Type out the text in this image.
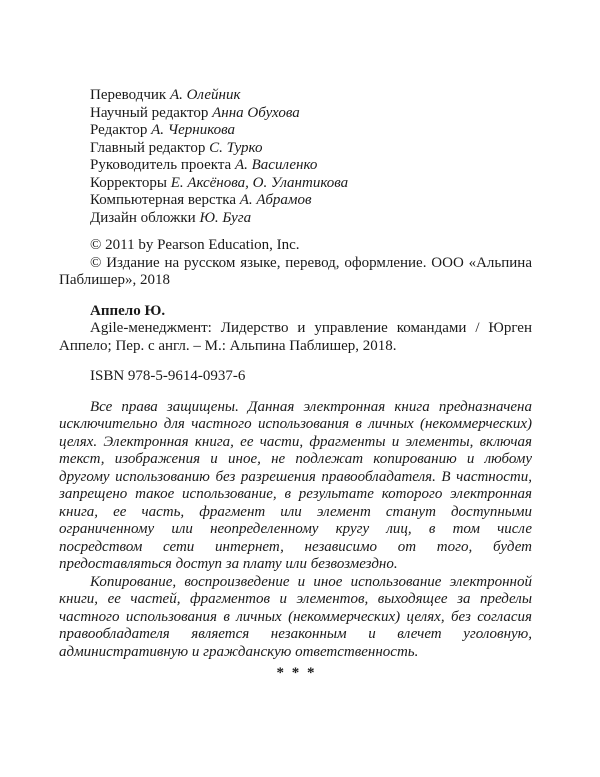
Переводчик А. Олейник
Научный редактор Анна Обухова
Редактор А. Черникова
Главный редактор С. Турко
Руководитель проекта А. Василенко
Корректоры Е. Аксёнова, О. Улантикова
Компьютерная верстка А. Абрамов
Дизайн обложки Ю. Буга
© 2011 by Pearson Education, Inc.
© Издание на русском языке, перевод, оформление. ООО «Альпина
Паблишер», 2018
Аппело Ю.
Agile-менеджмент: Лидерство и управление командами / Юрген
Аппело; Пер. с англ. – М.: Альпина Паблишер, 2018.
ISBN 978-5-9614-0937-6
Все права защищены. Данная электронная книга предназначена
исключительно для частного использования в личных (некоммерческих)
целях. Электронная книга, ее части, фрагменты и элементы, включая
текст, изображения и иное, не подлежат копированию и любому
другому использованию без разрешения правообладателя. В частности,
запрещено такое использование, в результате которого электронная
книга, ее часть, фрагмент или элемент станут доступными
ограниченному или неопределенному кругу лиц, в том числе
посредством сети интернет, независимо от того, будет
предоставляться доступ за плату или безвозмездно.
Копирование, воспроизведение и иное использование электронной
книги, ее частей, фрагментов и элементов, выходящее за пределы
частного использования в личных (некоммерческих) целях, без согласия
правообладателя является незаконным и влечет уголовную,
административную и гражданскую ответственность.
* * *
